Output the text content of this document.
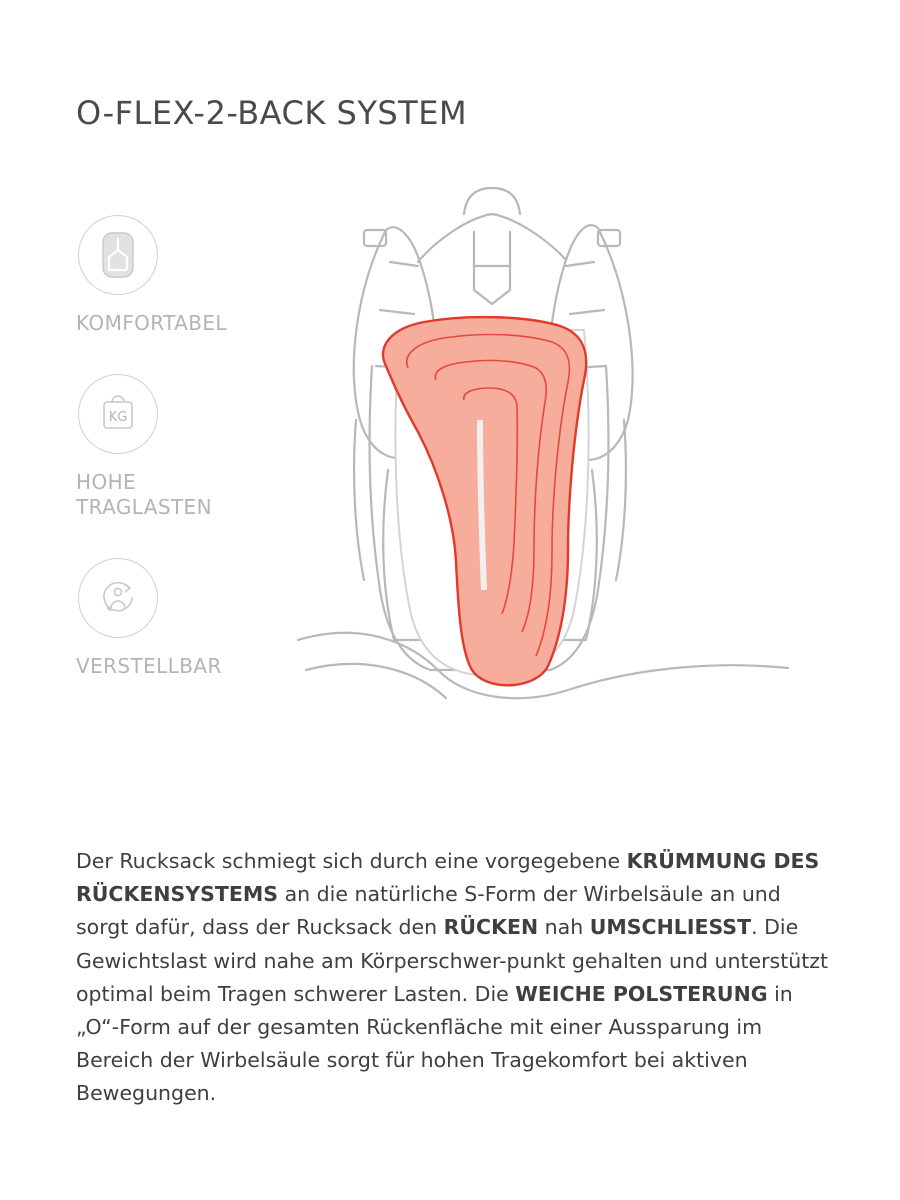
O-FLEX-2-BACK SYSTEM
KOMFORTABEL
KG
HOHE
TRAGLASTEN
VERSTELLBAR
Der Rucksack schmiegt sich durch eine vorgegebene KRÜMMUNG DES RÜCKENSYSTEMS an die natürliche S-Form der Wirbelsäule an und sorgt dafür, dass der Rucksack den RÜCKEN nah UMSCHLIESST. Die Gewichtslast wird nahe am Körperschwer-punkt gehalten und unterstützt optimal beim Tragen schwerer Lasten. Die WEICHE POLSTERUNG in „O“-Form auf der gesamten Rückenfläche mit einer Aussparung im Bereich der Wirbelsäule sorgt für hohen Tragekomfort bei aktiven Bewegungen.
